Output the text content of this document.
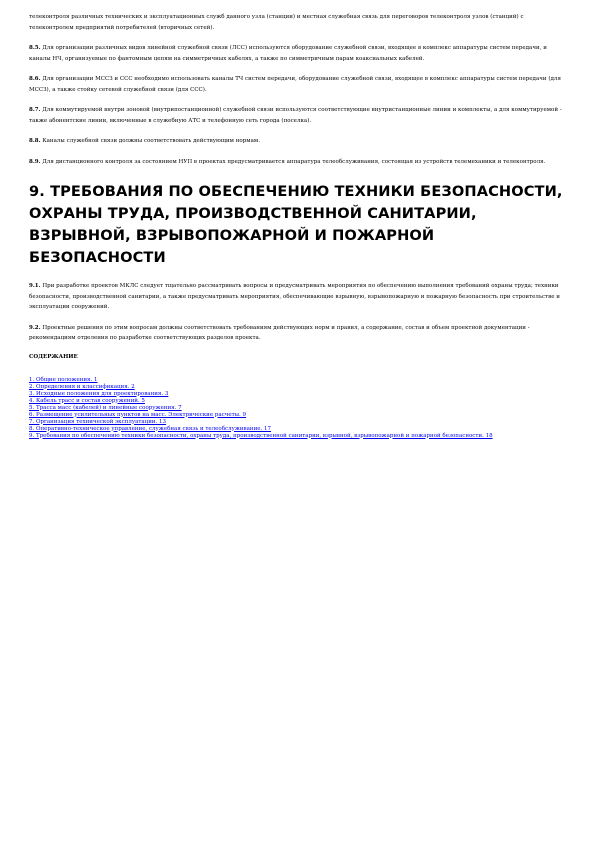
телеконтроля различных технических и эксплуатационных служб данного узла (станции) и местная служебная связь для переговоров телеконтроля узлов (станций) с телеконтролем предприятий потребителей (вторичных сетей).

8.5. Для организации различных видов линейной служебной связи (ЛСС) используются оборудование служебной связи, входящее в комплекс аппаратуры систем передачи, и каналы НЧ, организуемые по фантомным цепям на симметричных кабелях, а также по симметричным парам коаксиальных кабелей.

8.6. Для организации МССЗ и ССС необходимо использовать каналы ТЧ систем передачи, оборудование служебной связи, входящее в комплекс аппаратуры систем передачи (для МССЗ), а также стойку сетевой служебной связи (для ССС).

8.7. Для коммутируемой внутри зоновой (внутрипостанционной) служебной связи используются соответствующие внутристанционные линии и комплекты, а для коммутируемой - также абонентские линии, включенные в служебную АТС и телефонную сеть города (поселка).

8.8. Каналы служебной связи должны соответствовать действующим нормам.

8.9. Для дистанционного контроля за состоянием НУП в проектах предусматривается аппаратура телеобслуживания, состоящая из устройств телемеханики и телеконтроля.

9. ТРЕБОВАНИЯ ПО ОБЕСПЕЧЕНИЮ ТЕХНИКИ БЕЗОПАСНОСТИ, ОХРАНЫ ТРУДА, ПРОИЗВОДСТВЕННОЙ САНИТАРИИ, ВЗРЫВНОЙ, ВЗРЫВОПОЖАРНОЙ И ПОЖАРНОЙ БЕЗОПАСНОСТИ

9.1. При разработке проектов МКЛС следует тщательно рассматривать вопросы и предусматривать мероприятия по обеспечению выполнения требований охраны труда; техники безопасности, производственной санитарии, а также предусматривать мероприятия, обеспечивающие взрывную, взрывопожарную и пожарную безопасность при строительстве и эксплуатации сооружений.

9.2. Проектные решения по этим вопросам должны соответствовать требованиям действующих норм и правил, а содержание, состав и объем проектной документации - рекомендациям отделения по разработке соответствующих разделов проекта.

СОДЕРЖАНИЕ
1. Общие положения. 1
2. Определения и классификация. 2
3. Исходные положения для проектирования. 3
4. Кабель трасс и состав сооружений. 5
5. Трасса масс (кабелей) и линейные сооружения. 7
6. Размещение усилительных пунктов на масс. Электрические расчеты. 9
7. Организация технической эксплуатации. 13
8. Оперативно-техническое управление, служебная связь и телеобслуживание. 17
9. Требования по обеспечению техники безопасности, охраны труда, производственной санитарии, взрывной, взрывопожарной и пожарной безопасности. 18
